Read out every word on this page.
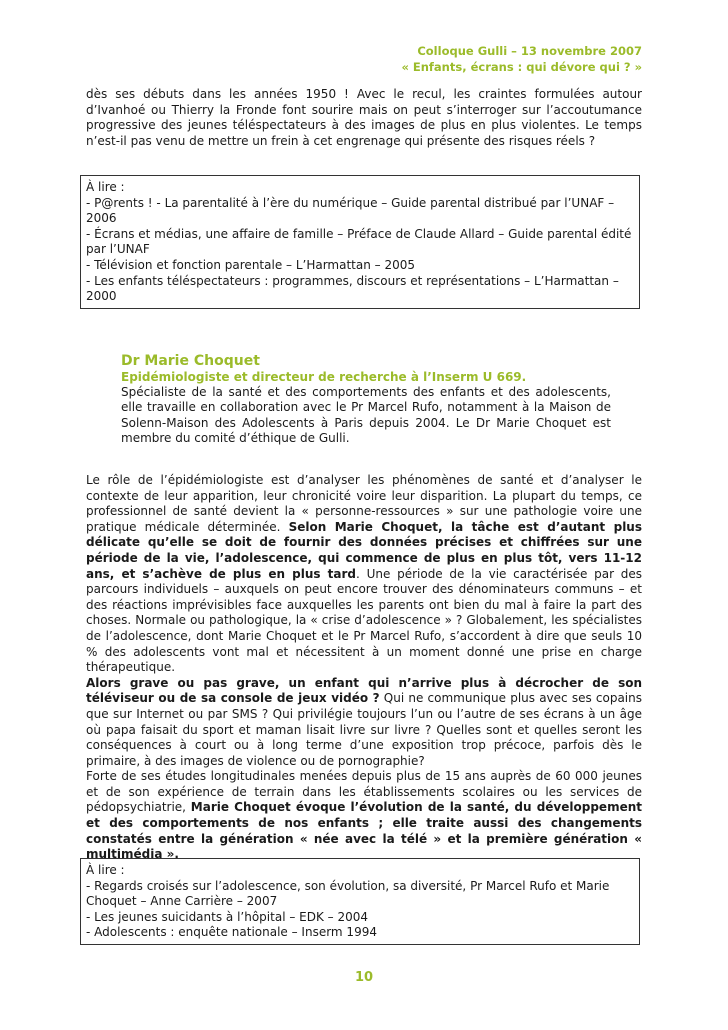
Colloque Gulli – 13 novembre 2007
« Enfants, écrans : qui dévore qui ? »

dès ses débuts dans les années 1950 ! Avec le recul, les craintes formulées autour d’Ivanhoé ou Thierry la Fronde font sourire mais on peut s’interroger sur l’accoutumance progressive des jeunes téléspectateurs à des images de plus en plus violentes. Le temps n’est-il pas venu de mettre un frein à cet engrenage qui présente des risques réels ?

À lire :
- P@rents ! - La parentalité à l’ère du numérique – Guide parental distribué par l’UNAF – 2006
- Écrans et médias, une affaire de famille – Préface de Claude Allard – Guide parental édité par l’UNAF
- Télévision et fonction parentale – L’Harmattan – 2005
- Les enfants téléspectateurs : programmes, discours et représentations – L’Harmattan – 2000
Dr Marie Choquet
Epidémiologiste et directeur de recherche à l’Inserm U 669.
Spécialiste de la santé et des comportements des enfants et des adolescents, elle travaille en collaboration avec le Pr Marcel Rufo, notamment à la Maison de Solenn-Maison des Adolescents à Paris depuis 2004. Le Dr Marie Choquet est membre du comité d’éthique de Gulli.

Le rôle de l’épidémiologiste est d’analyser les phénomènes de santé et d’analyser le contexte de leur apparition, leur chronicité voire leur disparition. La plupart du temps, ce professionnel de santé devient la « personne-ressources » sur une pathologie voire une pratique médicale déterminée. Selon Marie Choquet, la tâche est d’autant plus délicate qu’elle se doit de fournir des données précises et chiffrées sur une période de la vie, l’adolescence, qui commence de plus en plus tôt, vers 11-12 ans, et s’achève de plus en plus tard. Une période de la vie caractérisée par des parcours individuels – auxquels on peut encore trouver des dénominateurs communs – et des réactions imprévisibles face auxquelles les parents ont bien du mal à faire la part des choses. Normale ou pathologique, la « crise d’adolescence » ? Globalement, les spécialistes de l’adolescence, dont Marie Choquet et le Pr Marcel Rufo, s’accordent à dire que seuls 10 % des adolescents vont mal et nécessitent à un moment donné une prise en charge thérapeutique.

Alors grave ou pas grave, un enfant qui n’arrive plus à décrocher de son téléviseur ou de sa console de jeux vidéo ? Qui ne communique plus avec ses copains que sur Internet ou par SMS ? Qui privilégie toujours l’un ou l’autre de ses écrans à un âge où papa faisait du sport et maman lisait livre sur livre ? Quelles sont et quelles seront les conséquences à court ou à long terme d’une exposition trop précoce, parfois dès le primaire, à des images de violence ou de pornographie?

Forte de ses études longitudinales menées depuis plus de 15 ans auprès de 60 000 jeunes et de son expérience de terrain dans les établissements scolaires ou les services de pédopsychiatrie, Marie Choquet évoque l’évolution de la santé, du développement et des comportements de nos enfants ; elle traite aussi des changements constatés entre la génération « née avec la télé » et la première génération « multimédia ».

À lire :
- Regards croisés sur l’adolescence, son évolution, sa diversité, Pr Marcel Rufo et Marie Choquet – Anne Carrière – 2007
- Les jeunes suicidants à l’hôpital – EDK – 2004
- Adolescents : enquête nationale – Inserm 1994
10
